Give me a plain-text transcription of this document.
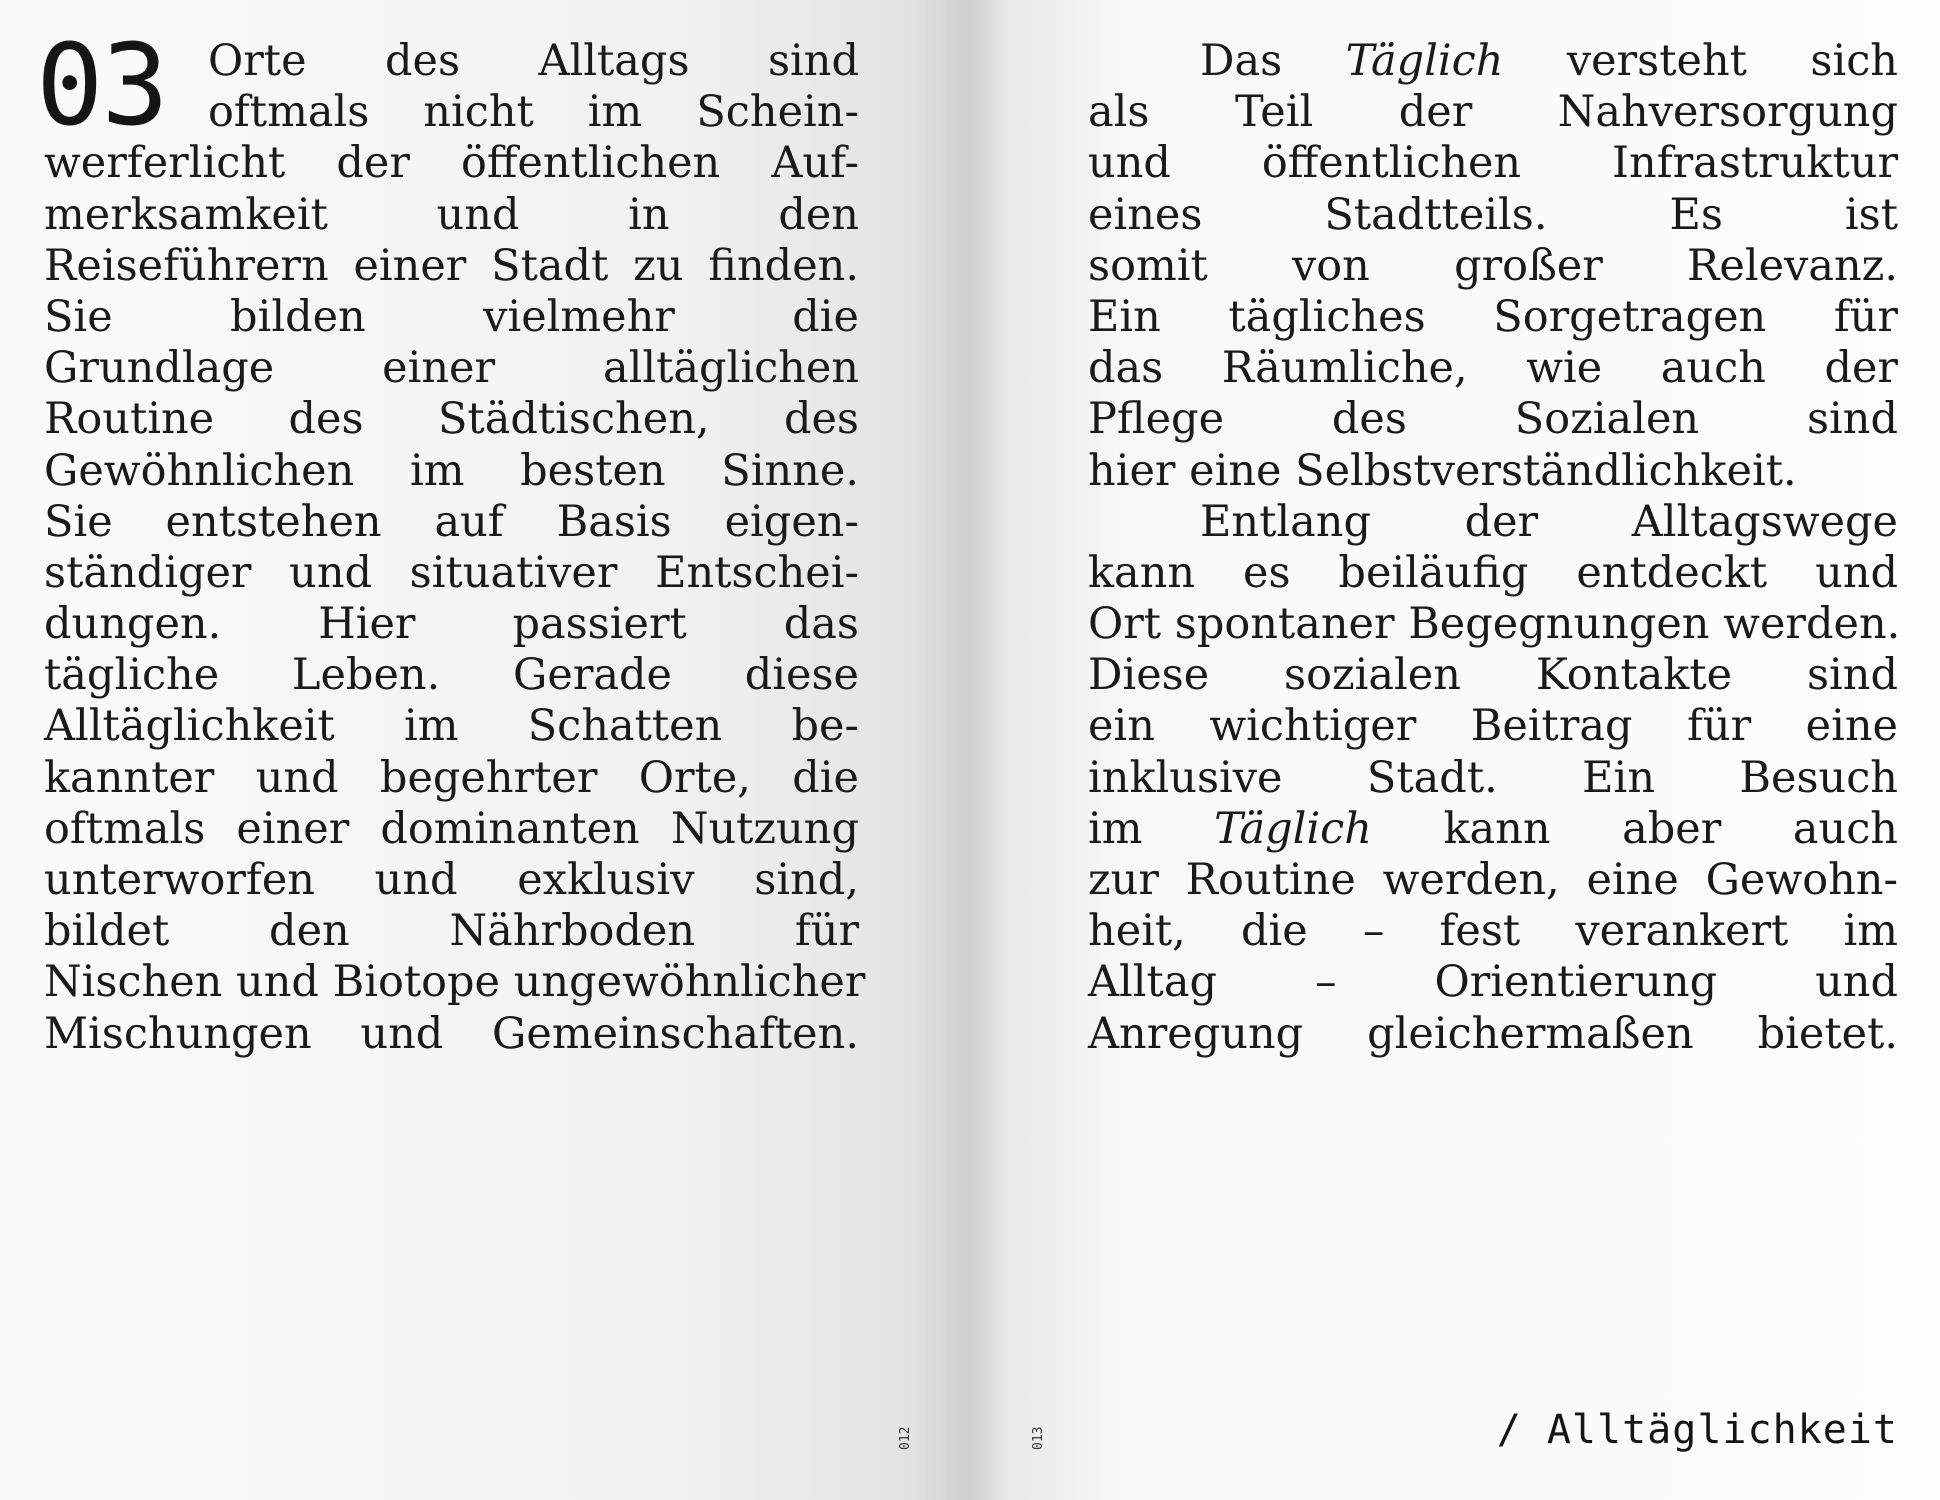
03 Orte des Alltags sind
oftmals nicht im Schein-
werferlicht der öffentlichen Auf-
merksamkeit und in den
Reiseführern einer Stadt zu finden.
Sie bilden vielmehr die
Grundlage einer alltäglichen
Routine des Städtischen, des
Gewöhnlichen im besten Sinne.
Sie entstehen auf Basis eigen-
ständiger und situativer Entschei-
dungen. Hier passiert das
tägliche Leben. Gerade diese
Alltäglichkeit im Schatten be-
kannter und begehrter Orte, die
oftmals einer dominanten Nutzung
unterworfen und exklusiv sind,
bildet den Nährboden für
Nischen und Biotope ungewöhnlicher
Mischungen und Gemeinschaften.
Das Täglich versteht sich
als Teil der Nahversorgung
und öffentlichen Infrastruktur
eines Stadtteils. Es ist
somit von großer Relevanz.
Ein tägliches Sorgetragen für
das Räumliche, wie auch der
Pflege des Sozialen sind
hier eine Selbstverständlichkeit.
Entlang der Alltagswege
kann es beiläufig entdeckt und
Ort spontaner Begegnungen werden.
Diese sozialen Kontakte sind
ein wichtiger Beitrag für eine
inklusive Stadt. Ein Besuch
im Täglich kann aber auch
zur Routine werden, eine Gewohn-
heit, die – fest verankert im
Alltag – Orientierung und
Anregung gleichermaßen bietet.
012	013	/ Alltäglichkeit
